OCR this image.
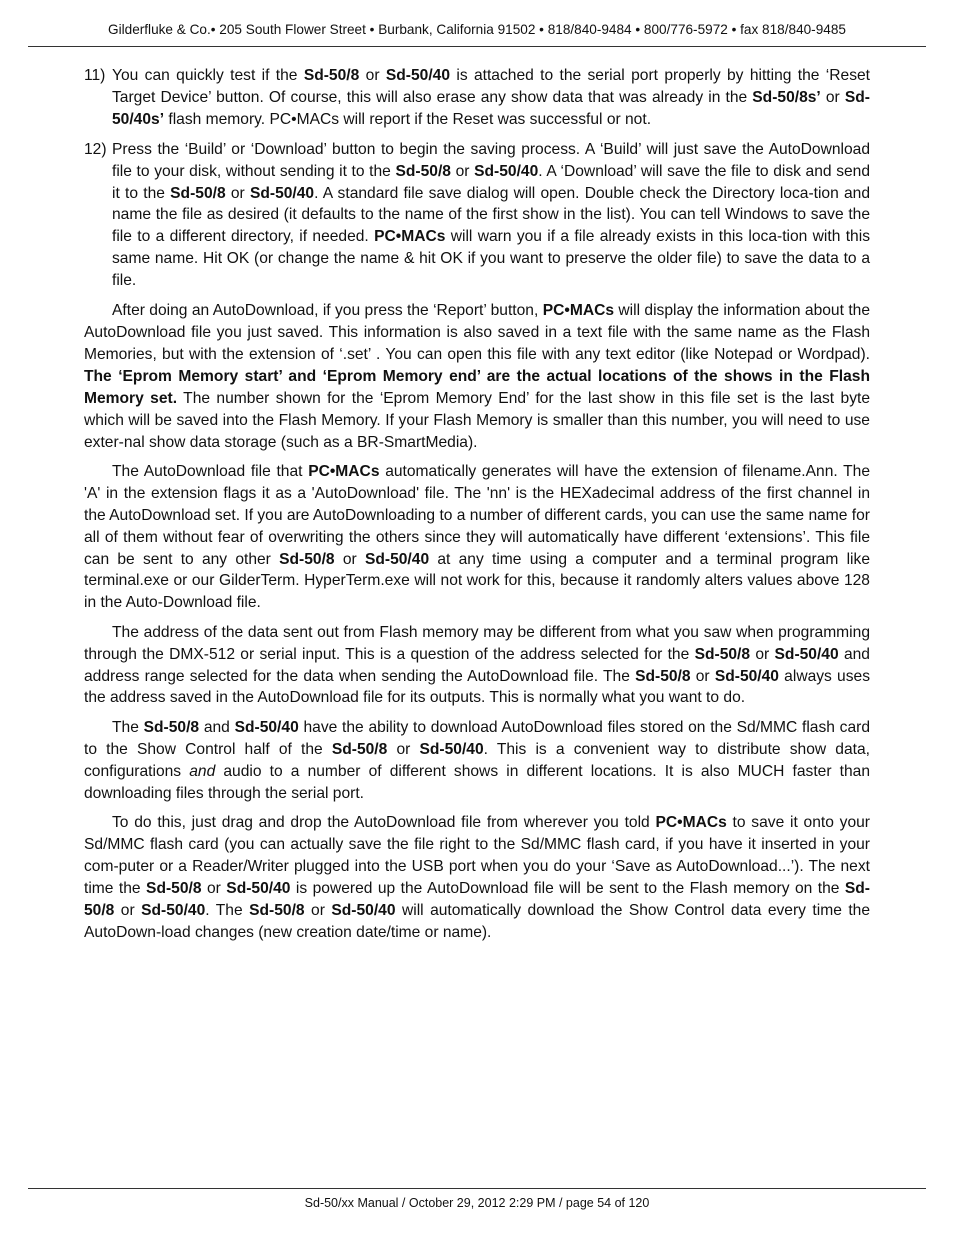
Gilderfluke & Co.• 205 South Flower Street • Burbank, California 91502 • 818/840-9484 • 800/776-5972 • fax 818/840-9485

11) You can quickly test if the Sd-50/8 or Sd-50/40 is attached to the serial port properly by hitting the ‘Reset Target Device’ button. Of course, this will also erase any show data that was already in the Sd-50/8s’ or Sd-50/40s’ flash memory. PC•MACs will report if the Reset was successful or not.

12) Press the ‘Build’ or ‘Download’ button to begin the saving process. A ‘Build’ will just save the AutoDownload file to your disk, without sending it to the Sd-50/8 or Sd-50/40. A ‘Download’ will save the file to disk and send it to the Sd-50/8 or Sd-50/40. A standard file save dialog will open. Double check the Directory loca-tion and name the file as desired (it defaults to the name of the first show in the list). You can tell Windows to save the file to a different directory, if needed. PC•MACs will warn you if a file already exists in this loca-tion with this same name. Hit OK (or change the name & hit OK if you want to preserve the older file) to save the data to a file.

After doing an AutoDownload, if you press the ‘Report’ button, PC•MACs will display the information about the AutoDownload file you just saved. This information is also saved in a text file with the same name as the Flash Memories, but with the extension of ‘.set’ . You can open this file with any text editor (like Notepad or Wordpad). The ‘Eprom Memory start’ and ‘Eprom Memory end’ are the actual locations of the shows in the Flash Memory set. The number shown for the ‘Eprom Memory End’ for the last show in this file set is the last byte which will be saved into the Flash Memory. If your Flash Memory is smaller than this number, you will need to use exter-nal show data storage (such as a BR-SmartMedia).

The AutoDownload file that PC•MACs automatically generates will have the extension of filename.Ann. The 'A' in the extension flags it as a 'AutoDownload' file. The 'nn' is the HEXadecimal address of the first channel in the AutoDownload set. If you are AutoDownloading to a number of different cards, you can use the same name for all of them without fear of overwriting the others since they will automatically have different ‘extensions’. This file can be sent to any other Sd-50/8 or Sd-50/40 at any time using a computer and a terminal program like terminal.exe or our GilderTerm. HyperTerm.exe will not work for this, because it randomly alters values above 128 in the Auto-Download file.

The address of the data sent out from Flash memory may be different from what you saw when programming through the DMX-512 or serial input. This is a question of the address selected for the Sd-50/8 or Sd-50/40 and address range selected for the data when sending the AutoDownload file. The Sd-50/8 or Sd-50/40 always uses the address saved in the AutoDownload file for its outputs. This is normally what you want to do.

The Sd-50/8 and Sd-50/40 have the ability to download AutoDownload files stored on the Sd/MMC flash card to the Show Control half of the Sd-50/8 or Sd-50/40. This is a convenient way to distribute show data, configurations and audio to a number of different shows in different locations. It is also MUCH faster than downloading files through the serial port.

To do this, just drag and drop the AutoDownload file from wherever you told PC•MACs to save it onto your Sd/MMC flash card (you can actually save the file right to the Sd/MMC flash card, if you have it inserted in your com-puter or a Reader/Writer plugged into the USB port when you do your ‘Save as AutoDownload...’). The next time the Sd-50/8 or Sd-50/40 is powered up the AutoDownload file will be sent to the Flash memory on the Sd-50/8 or Sd-50/40. The Sd-50/8 or Sd-50/40 will automatically download the Show Control data every time the AutoDown-load changes (new creation date/time or name).

Sd-50/xx Manual / October 29, 2012 2:29 PM / page 54 of 120
